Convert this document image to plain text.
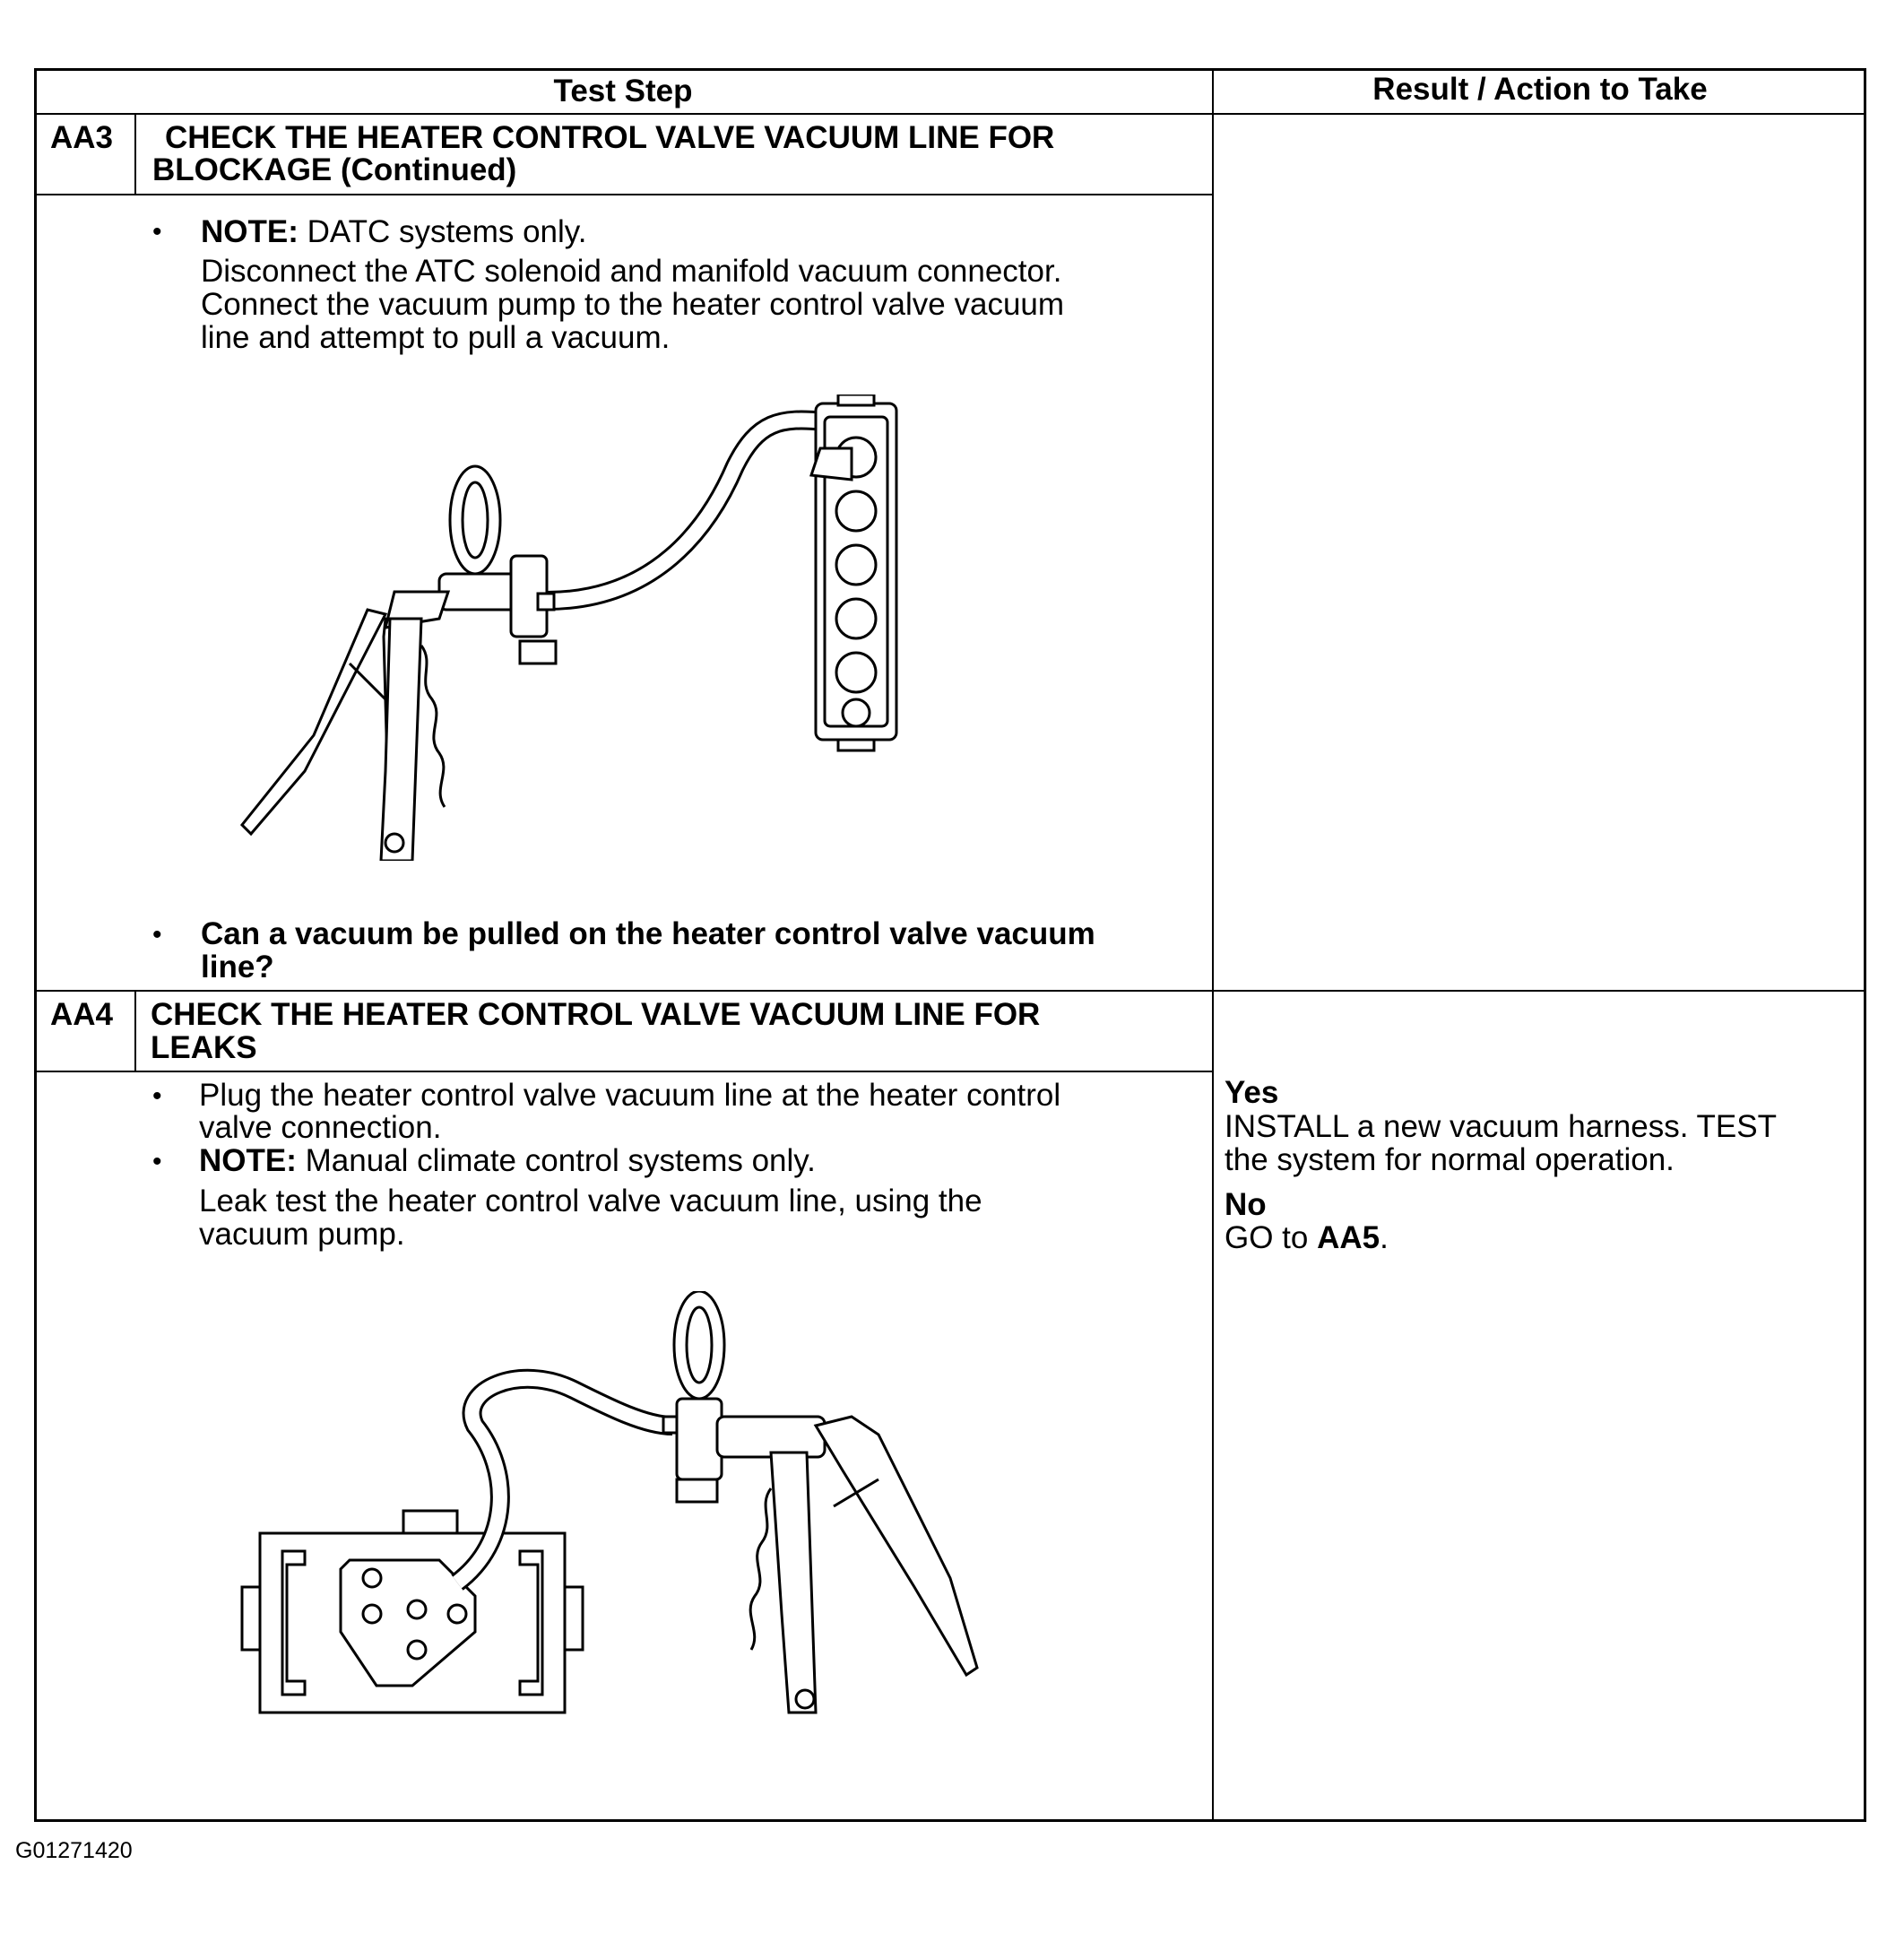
Test Step	Result / Action to Take
AA3 CHECK THE HEATER CONTROL VALVE VACUUM LINE FOR
BLOCKAGE (Continued)
• NOTE: DATC systems only.
Disconnect the ATC solenoid and manifold vacuum connector.
Connect the vacuum pump to the heater control valve vacuum
line and attempt to pull a vacuum.
• Can a vacuum be pulled on the heater control valve vacuum
line?
AA4 CHECK THE HEATER CONTROL VALVE VACUUM LINE FOR
LEAKS
• Plug the heater control valve vacuum line at the heater control
valve connection.
• NOTE: Manual climate control systems only.
Leak test the heater control valve vacuum line, using the
vacuum pump.
Yes
INSTALL a new vacuum harness. TEST
the system for normal operation.
No
GO to AA5.
G01271420
